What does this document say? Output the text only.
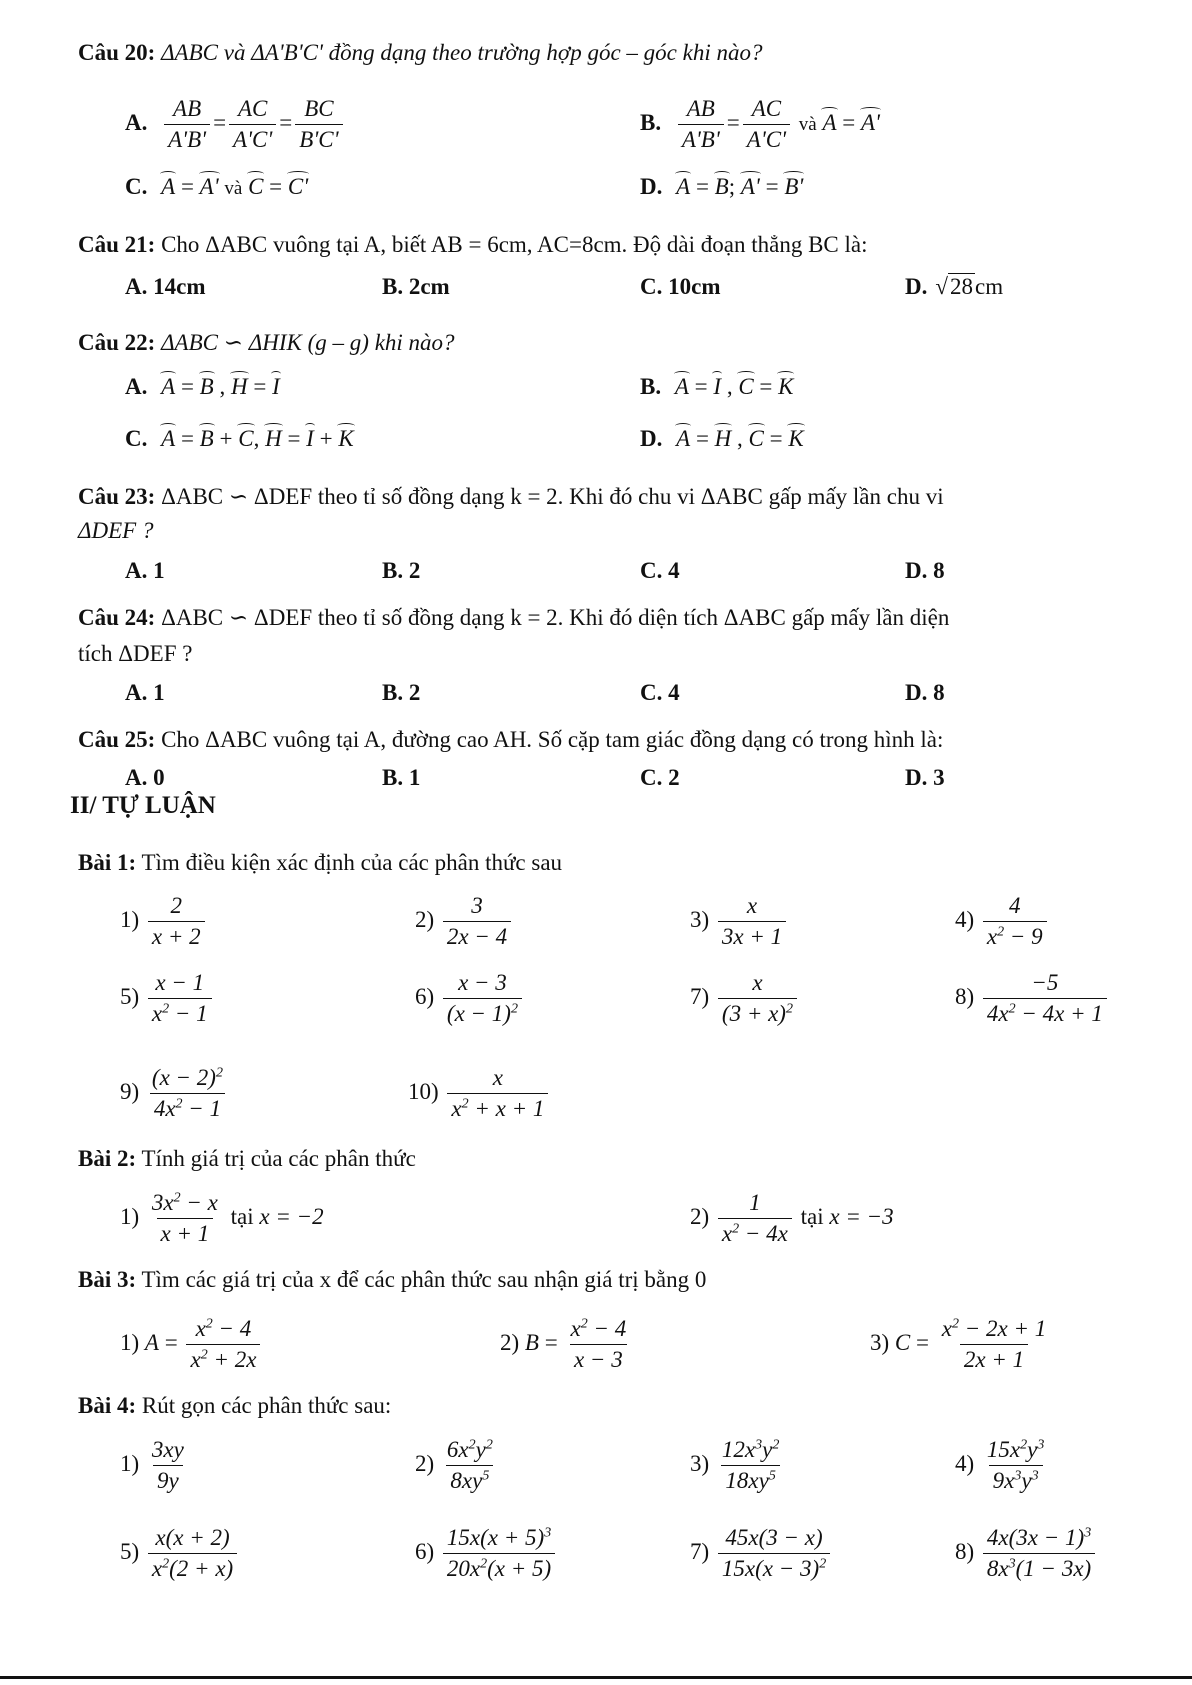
Câu 20: ΔABC và ΔA'B'C' đồng dạng theo trường hợp góc – góc khi nào?
A. $\frac{AB}{A'B'} = \frac{AC}{A'C'} = \frac{BC}{B'C'}$	B. $\frac{AB}{A'B'} = \frac{AC}{A'C'}$ và A = A'
C. A = A' và C = C'	D. A = B; A' = B'
Câu 21: Cho ΔABC vuông tại A, biết AB = 6cm, AC=8cm. Độ dài đoạn thẳng BC là:
A. 14cm	B. 2cm	C. 10cm	D. √28cm
Câu 22: ΔABC ∽ ΔHIK (g – g) khi nào?
A. A = B , H = I	B. A = I , C = K
C. A = B + C, H = I + K	D. A = H , C = K
Câu 23: ΔABC ∽ ΔDEF theo tỉ số đồng dạng k = 2. Khi đó chu vi ΔABC gấp mấy lần chu vi
ΔDEF ?
A. 1	B. 2	C. 4	D. 8
Câu 24: ΔABC ∽ ΔDEF theo tỉ số đồng dạng k = 2. Khi đó diện tích ΔABC gấp mấy lần diện
tích ΔDEF ?
A. 1	B. 2	C. 4	D. 8
Câu 25: Cho ΔABC vuông tại A, đường cao AH. Số cặp tam giác đồng dạng có trong hình là:
A. 0	B. 1	C. 2	D. 3
II/ TỰ LUẬN
Bài 1: Tìm điều kiện xác định của các phân thức sau
$1) \frac{2}{x + 2}$	$2) \frac{3}{2x - 4}$	$3) \frac{x}{3x + 1}$	$4) \frac{4}{x^2 - 9}$
$5) \frac{x - 1}{x^2 - 1}$	$6) \frac{x - 3}{(x - 1)^2}$	$7) \frac{x}{(3 + x)^2}$	$8) \frac{-5}{4x^2 - 4x + 1}$
$9) \frac{(x - 2)^2}{4x^2 - 1}$	$10) \frac{x}{x^2 + x + 1}$
Bài 2: Tính giá trị của các phân thức
$1) \frac{3x^2 - x}{x + 1}$ tại x = −2	$2) \frac{1}{x^2 - 4x}$ tại x = −3
Bài 3: Tìm các giá trị của x để các phân thức sau nhận giá trị bằng 0
1) $A = \frac{x^2 - 4}{x^2 + 2x}$	2) $B = \frac{x^2 - 4}{x - 3}$	3) $C = \frac{x^2 - 2x + 1}{2x + 1}$
Bài 4: Rút gọn các phân thức sau:
$1) \frac{3xy}{9y}$	$2) \frac{6x^2y^2}{8xy^5}$	$3) \frac{12x^3y^2}{18xy^5}$	$4) \frac{15x^2y^3}{9x^3y^3}$
$5) \frac{x(x + 2)}{x^2(2 + x)}$	$6) \frac{15x(x + 5)^3}{20x^2(x + 5)}$	$7) \frac{45x(3 - x)}{15x(x - 3)^2}$	$8) \frac{4x(3x - 1)^3}{8x^3(1 - 3x)}$
